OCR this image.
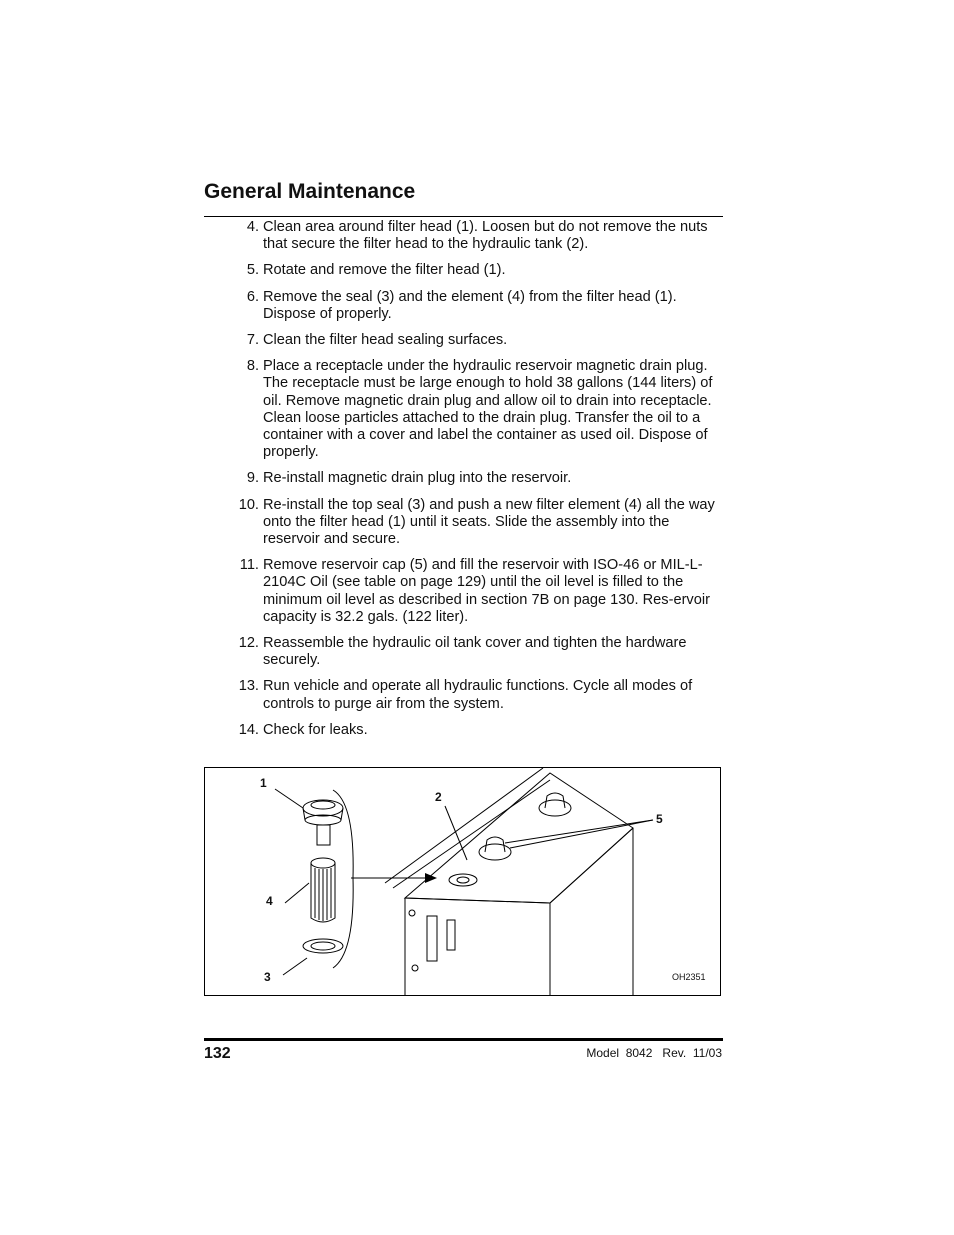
General Maintenance
4. Clean area around filter head (1). Loosen but do not remove the nuts that secure the filter head to the hydraulic tank (2).
5. Rotate and remove the filter head (1).
6. Remove the seal (3) and the element (4) from the filter head (1). Dispose of properly.
7. Clean the filter head sealing surfaces.
8. Place a receptacle under the hydraulic reservoir magnetic drain plug. The receptacle must be large enough to hold 38 gallons (144 liters) of oil. Remove magnetic drain plug and allow oil to drain into receptacle. Clean loose particles attached to the drain plug. Transfer the oil to a container with a cover and label the container as used oil. Dispose of properly.
9. Re-install magnetic drain plug into the reservoir.
10. Re-install the top seal (3) and push a new filter element (4) all the way onto the filter head (1) until it seats. Slide the assembly into the reservoir and secure.
11. Remove reservoir cap (5) and fill the reservoir with ISO-46 or MIL-L-2104C Oil (see table on page 129) until the oil level is filled to the minimum oil level as described in section 7B on page 130. Res-ervoir capacity is 32.2 gals. (122 liter).
12. Reassemble the hydraulic oil tank cover and tighten the hardware securely.
13. Run vehicle and operate all hydraulic functions. Cycle all modes of controls to purge air from the system.
14. Check for leaks.
1
2
3
4
5
OH2351
132	Model  8042   Rev.  11/03
